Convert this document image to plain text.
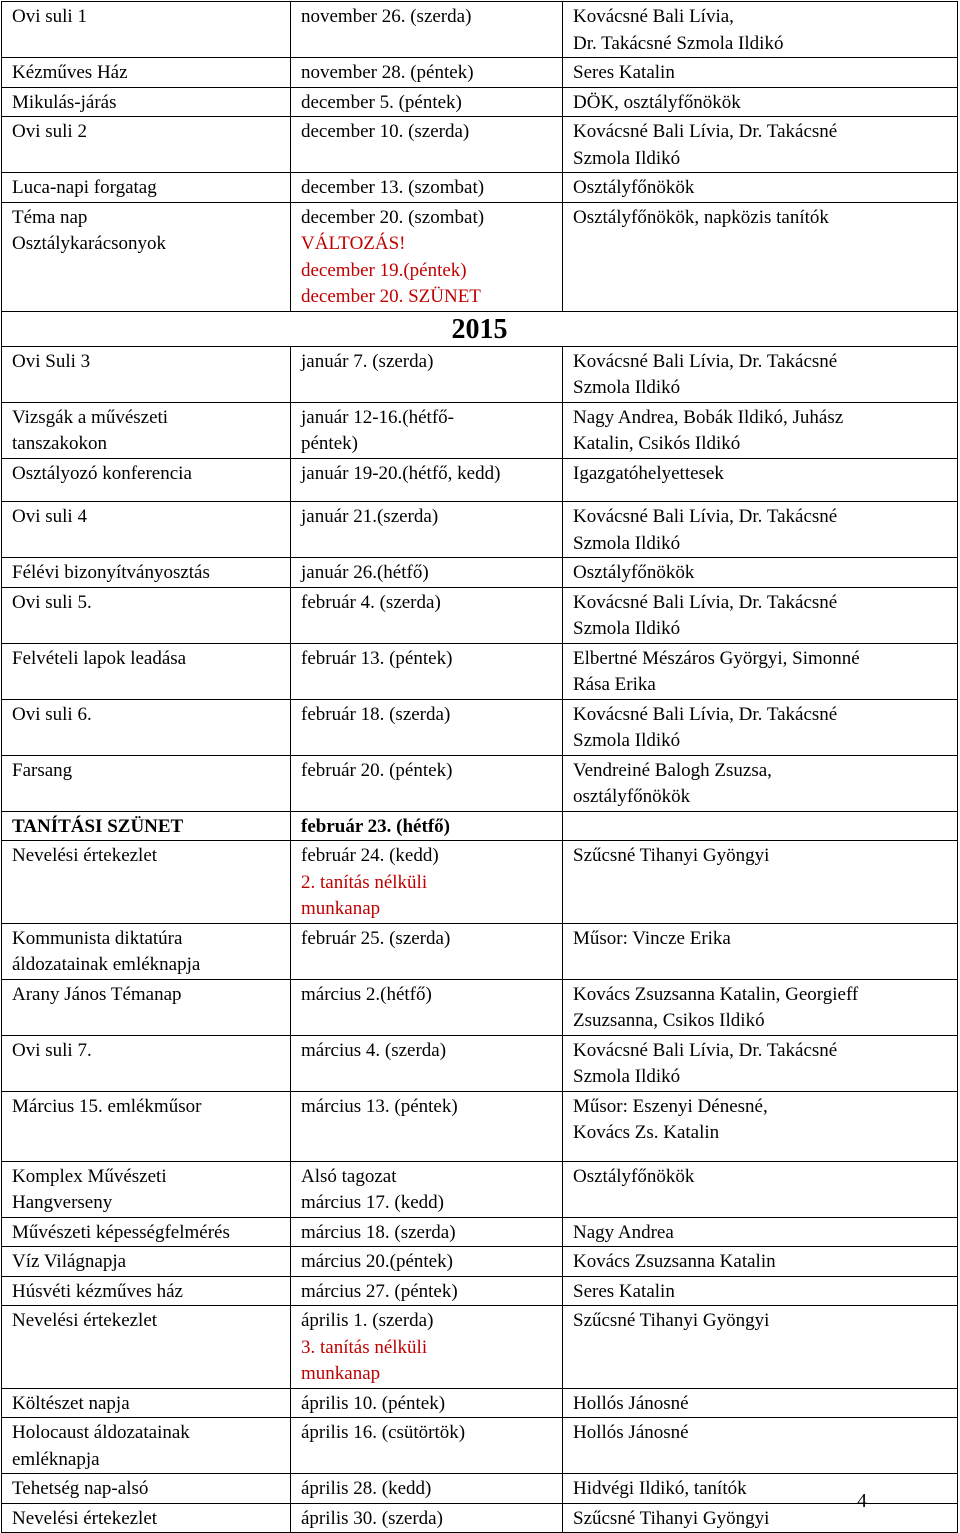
Ovi suli 1	november 26. (szerda)	Kovácsné Bali Lívia,
Dr. Takácsné Szmola Ildikó

Kézműves Ház	november 28. (péntek)	Seres Katalin

Mikulás-járás	december 5. (péntek)	DÖK, osztályfőnökök

Ovi suli 2	december 10. (szerda)	Kovácsné Bali Lívia, Dr. Takácsné
Szmola Ildikó

Luca-napi forgatag	december 13. (szombat)	Osztályfőnökök

Téma nap
Osztálykarácsonyok	december 20. (szombat)
VÁLTOZÁS!
december 19.(péntek)
december 20. SZÜNET	Osztályfőnökök, napközis tanítók

2015		

Ovi Suli 3	január 7. (szerda)	Kovácsné Bali Lívia, Dr. Takácsné
Szmola Ildikó

Vizsgák a művészeti
tanszakokon	január 12-16.(hétfő-
péntek)	Nagy Andrea, Bobák Ildikó, Juhász
Katalin, Csikós Ildikó

Osztályozó konferencia	január 19-20.(hétfő, kedd)	Igazgatóhelyettesek

Ovi suli 4	január 21.(szerda)	Kovácsné Bali Lívia, Dr. Takácsné
Szmola Ildikó

Félévi bizonyítványosztás	január 26.(hétfő)	Osztályfőnökök

Ovi suli 5.	február 4. (szerda)	Kovácsné Bali Lívia, Dr. Takácsné
Szmola Ildikó

Felvételi lapok leadása	február 13. (péntek)	Elbertné Mészáros Györgyi, Simonné
Rása Erika

Ovi suli 6.	február 18. (szerda)	Kovácsné Bali Lívia, Dr. Takácsné
Szmola Ildikó

Farsang	február 20. (péntek)	Vendreiné Balogh Zsuzsa,
osztályfőnökök

TANÍTÁSI SZÜNET	február 23. (hétfő)	

Nevelési értekezlet	február 24. (kedd)
2. tanítás nélküli
munkanap	Szűcsné Tihanyi Gyöngyi

Kommunista diktatúra
áldozatainak emléknapja	február 25. (szerda)	Műsor: Vincze Erika

Arany János Témanap	március 2.(hétfő)	Kovács Zsuzsanna Katalin, Georgieff
Zsuzsanna, Csikos Ildikó

Ovi suli 7.	március 4. (szerda)	Kovácsné Bali Lívia, Dr. Takácsné
Szmola Ildikó

Március 15. emlékműsor	március 13. (péntek)	Műsor: Eszenyi Dénesné,
Kovács Zs. Katalin

Komplex Művészeti
Hangverseny	Alsó tagozat
március 17. (kedd)	Osztályfőnökök

Művészeti képességfelmérés	március 18. (szerda)	Nagy Andrea

Víz Világnapja	március 20.(péntek)	Kovács Zsuzsanna Katalin

Húsvéti kézműves ház	március 27. (péntek)	Seres Katalin

Nevelési értekezlet	április 1. (szerda)
3. tanítás nélküli
munkanap	Szűcsné Tihanyi Gyöngyi

Költészet napja	április 10. (péntek)	Hollós Jánosné

Holocaust áldozatainak
emléknapja	április 16. (csütörtök)	Hollós Jánosné

Tehetség nap-alsó	április 28. (kedd)	Hidvégi Ildikó, tanítók

Nevelési értekezlet	április 30. (szerda)	Szűcsné Tihanyi Gyöngyi
4
